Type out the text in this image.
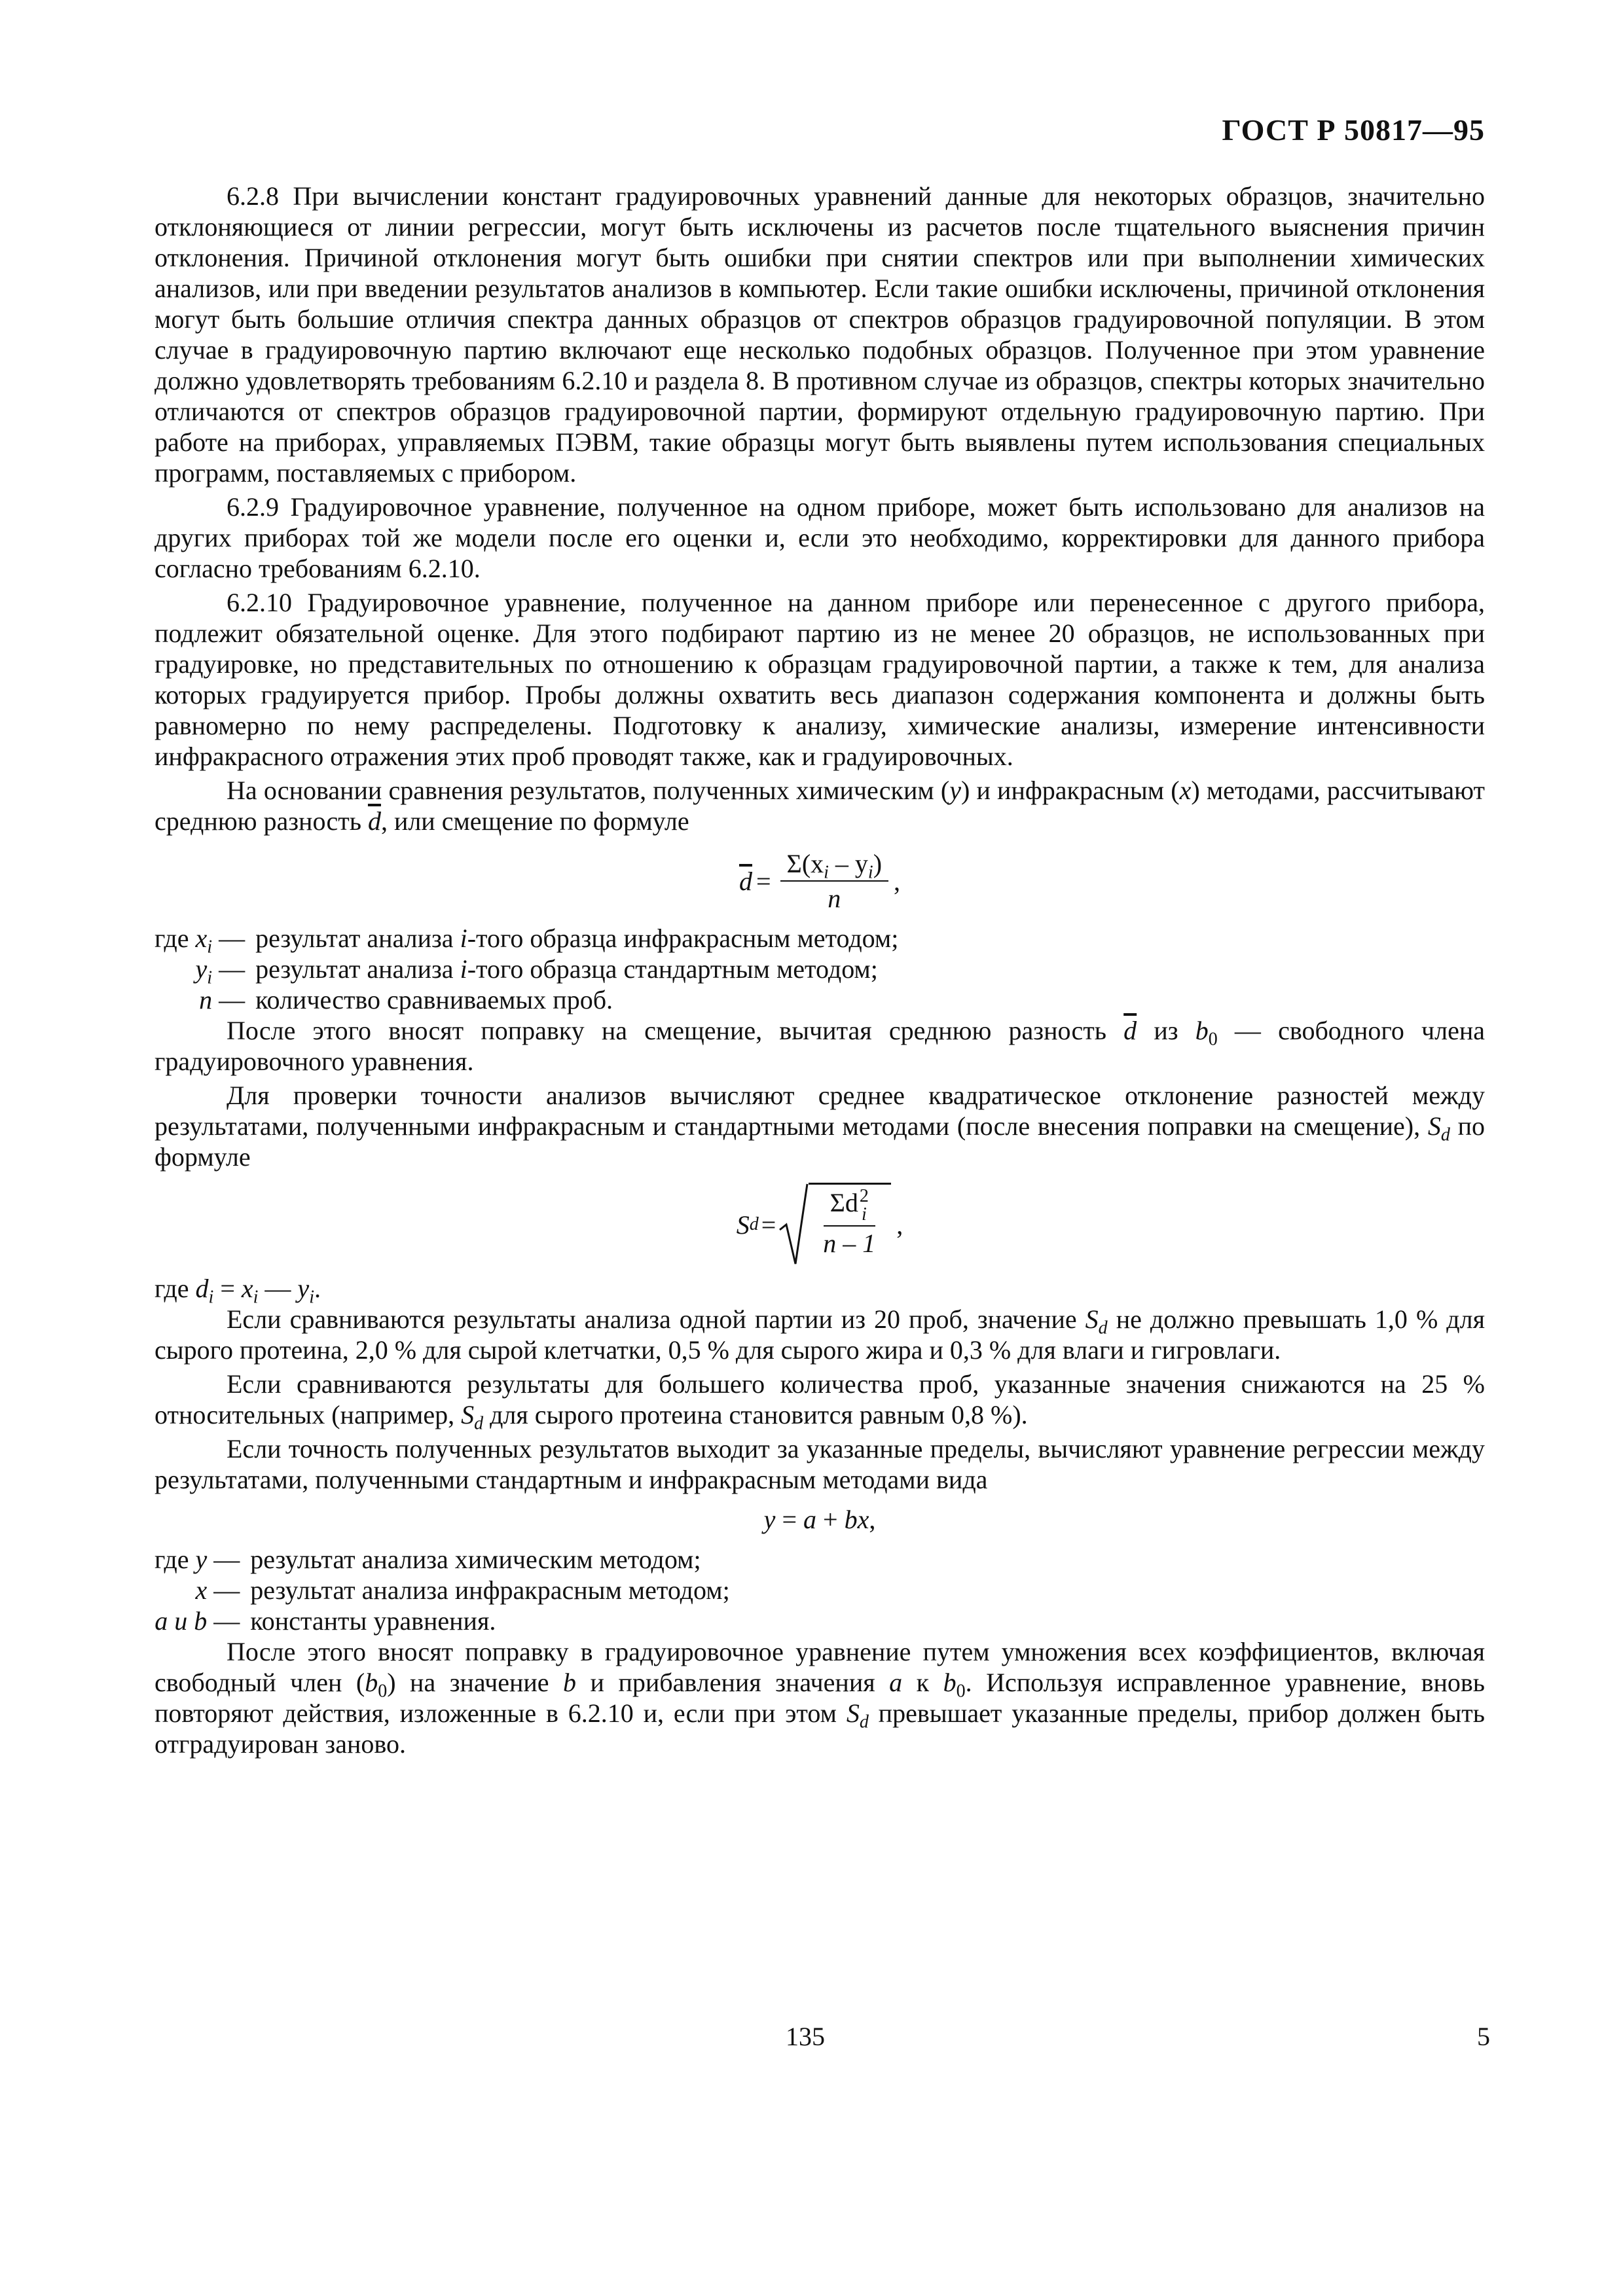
ГОСТ Р 50817—95

6.2.8 При вычислении констант градуировочных уравнений данные для некоторых образцов, значительно отклоняющиеся от линии регрессии, могут быть исключены из расчетов после тщательного выяснения причин отклонения. Причиной отклонения могут быть ошибки при снятии спектров или при выполнении химических анализов, или при введении результатов анализов в компьютер. Если такие ошибки исключены, причиной отклонения могут быть большие отличия спектра данных образцов от спектров образцов градуировочной популяции. В этом случае в градуировочную партию включают еще несколько подобных образцов. Полученное при этом уравнение должно удовлетворять требованиям 6.2.10 и раздела 8. В противном случае из образцов, спектры которых значительно отличаются от спектров образцов градуировочной партии, формируют отдельную градуировочную партию. При работе на приборах, управляемых ПЭВМ, такие образцы могут быть выявлены путем использования специальных программ, поставляемых с прибором.

6.2.9 Градуировочное уравнение, полученное на одном приборе, может быть использовано для анализов на других приборах той же модели после его оценки и, если это необходимо, корректировки для данного прибора согласно требованиям 6.2.10.

6.2.10 Градуировочное уравнение, полученное на данном приборе или перенесенное с другого прибора, подлежит обязательной оценке. Для этого подбирают партию из не менее 20 образцов, не использованных при градуировке, но представительных по отношению к образцам градуировочной партии, а также к тем, для анализа которых градуируется прибор. Пробы должны охватить весь диапазон содержания компонента и должны быть равномерно по нему распределены. Подготовку к анализу, химические анализы, измерение интенсивности инфракрасного отражения этих проб проводят также, как и градуировочных.

На основании сравнения результатов, полученных химическим (y) и инфракрасным (x) методами, рассчитывают среднюю разность $\overline{d}$, или смещение по формуле

$\overline{d} = \frac{\Sigma(x_i - y_i)}{n}$ ,
где $x_i$ —	результат анализа i-того образца инфракрасным методом;
$y_i$ —	результат анализа i-того образца стандартным методом;
n —	количество сравниваемых проб.

После этого вносят поправку на смещение, вычитая среднюю разность $\overline{d}$ из $b_0$ — свободного члена градуировочного уравнения.

Для проверки точности анализов вычисляют среднее квадратическое отклонение разностей между результатами, полученными инфракрасным и стандартными методами (после внесения поправки на смещение), $S_d$ по формуле

S d = Σd 2
i
n – 1 ,
где $d_i = x_i$ — $y_i$.

Если сравниваются результаты анализа одной партии из 20 проб, значение $S_d$ не должно превышать 1,0 % для сырого протеина, 2,0 % для сырой клетчатки, 0,5 % для сырого жира и 0,3 % для влаги и гигровлаги.

Если сравниваются результаты для большего количества проб, указанные значения снижаются на 25 % относительных (например, $S_d$ для сырого протеина становится равным 0,8 %).

Если точность полученных результатов выходит за указанные пределы, вычисляют уравнение регрессии между результатами, полученными стандартным и инфракрасным методами вида

y = a + bx ,
где y —	результат анализа химическим методом;
x —	результат анализа инфракрасным методом;
a и b —	константы уравнения.

После этого вносят поправку в градуировочное уравнение путем умножения всех коэффициентов, включая свободный член $(b_0)$ на значение b и прибавления значения a к $b_0$. Используя исправленное уравнение, вновь повторяют действия, изложенные в 6.2.10 и, если при этом $S_d$ превышает указанные пределы, прибор должен быть отградуирован заново.

135	5
